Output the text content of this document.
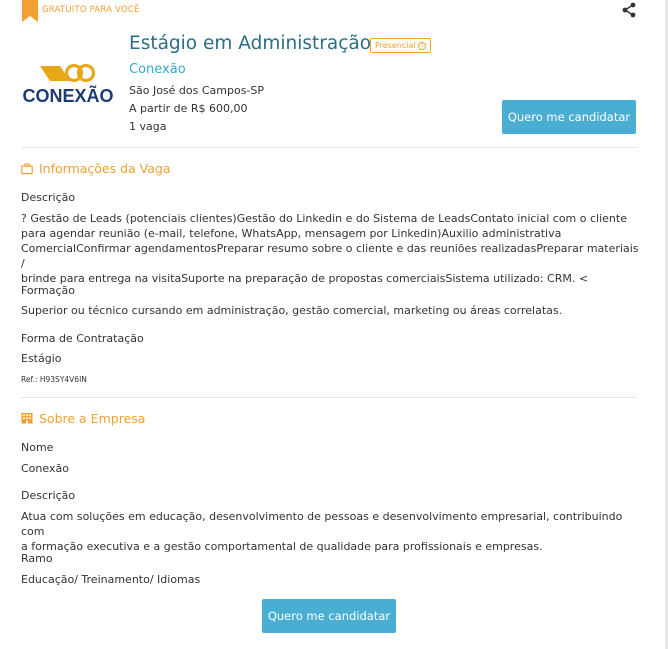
GRATUITO PARA VOCÊ
CONEXÃO
Estágio em Administração Presencial i
Conexão
São José dos Campos-SP
A partir de R$ 600,00
1 vaga
Quero me candidatar
Informações da Vaga
Descrição
? Gestão de Leads (potenciais clientes)Gestão do Linkedin e do Sistema de LeadsContato inicial com o cliente
para agendar reunião (e-mail, telefone, WhatsApp, mensagem por Linkedin)Auxilio administrativa
ComercialConfirmar agendamentosPreparar resumo sobre o cliente e das reuniões realizadasPreparar materiais /
brinde para entrega na visitaSuporte na preparação de propostas comerciaisSistema utilizado: CRM. <
Formação
Superior ou técnico cursando em administração, gestão comercial, marketing ou áreas correlatas.
Forma de Contratação
Estágio
Ref.: H93SY4V6IN
Sobre a Empresa
Nome
Conexão
Descrição
Atua com soluções em educação, desenvolvimento de pessoas e desenvolvimento empresarial, contribuindo com
a formação executiva e a gestão comportamental de qualidade para profissionais e empresas.
Ramo
Educação/ Treinamento/ Idiomas
Quero me candidatar
